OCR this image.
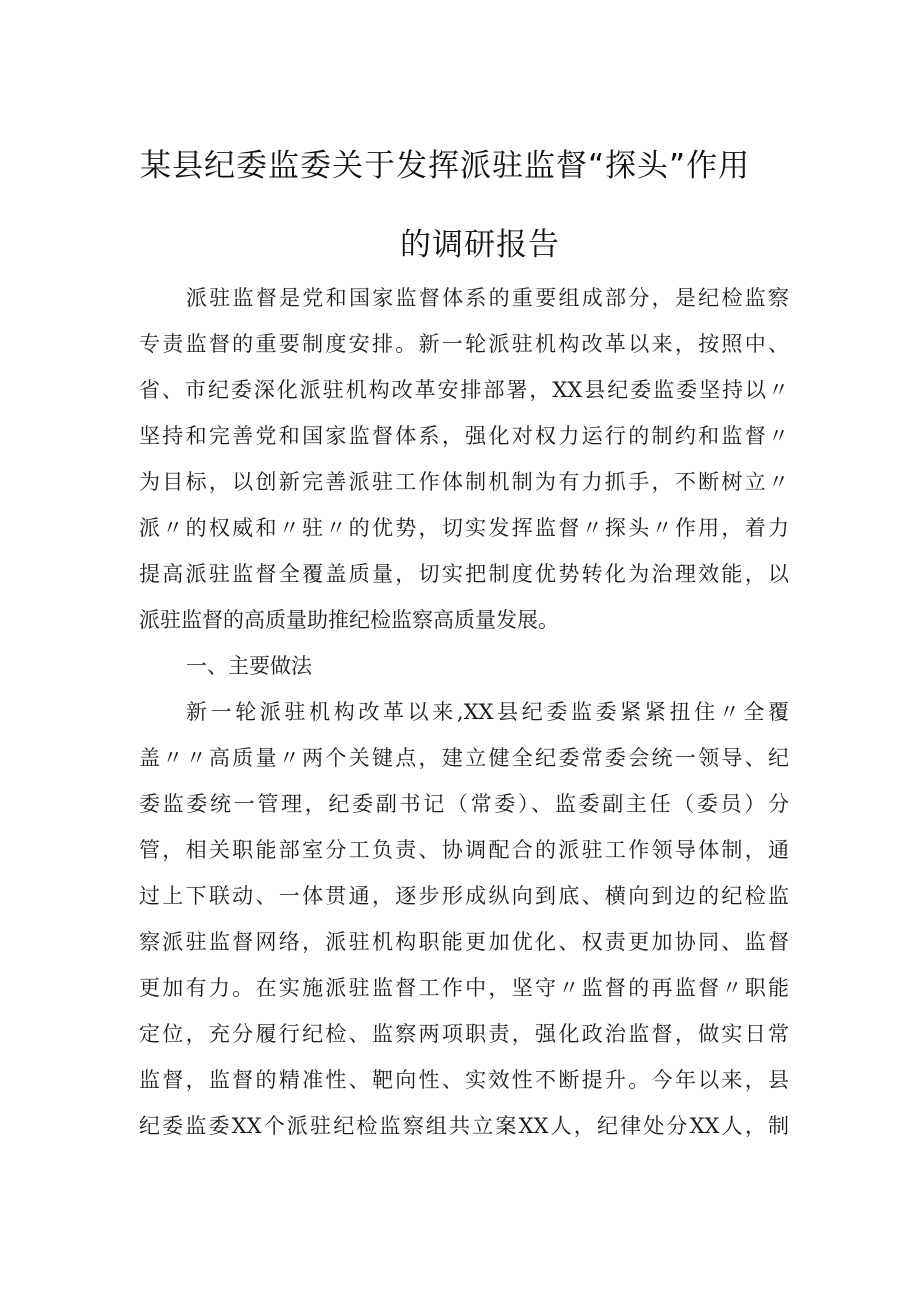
某县纪委监委关于发挥派驻监督“探头”作用
的调研报告
派驻监督是党和国家监督体系的重要组成部分，是纪检监察
专责监督的重要制度安排。新一轮派驻机构改革以来，按照中、
省、市纪委深化派驻机构改革安排部署，XX县纪委监委坚持以〃
坚持和完善党和国家监督体系，强化对权力运行的制约和监督〃
为目标，以创新完善派驻工作体制机制为有力抓手，不断树立〃
派〃的权威和〃驻〃的优势，切实发挥监督〃探头〃作用，着力
提高派驻监督全覆盖质量，切实把制度优势转化为治理效能，以
派驻监督的高质量助推纪检监察高质量发展。
一、主要做法
新一轮派驻机构改革以来,XX县纪委监委紧紧扭住〃全覆
盖〃〃高质量〃两个关键点，建立健全纪委常委会统一领导、纪
委监委统一管理，纪委副书记（常委）、监委副主任（委员）分
管，相关职能部室分工负责、协调配合的派驻工作领导体制，通
过上下联动、一体贯通，逐步形成纵向到底、横向到边的纪检监
察派驻监督网络，派驻机构职能更加优化、权责更加协同、监督
更加有力。在实施派驻监督工作中，坚守〃监督的再监督〃职能
定位，充分履行纪检、监察两项职责，强化政治监督，做实日常
监督，监督的精准性、靶向性、实效性不断提升。今年以来，县
纪委监委XX个派驻纪检监察组共立案XX人，纪律处分XX人，制
